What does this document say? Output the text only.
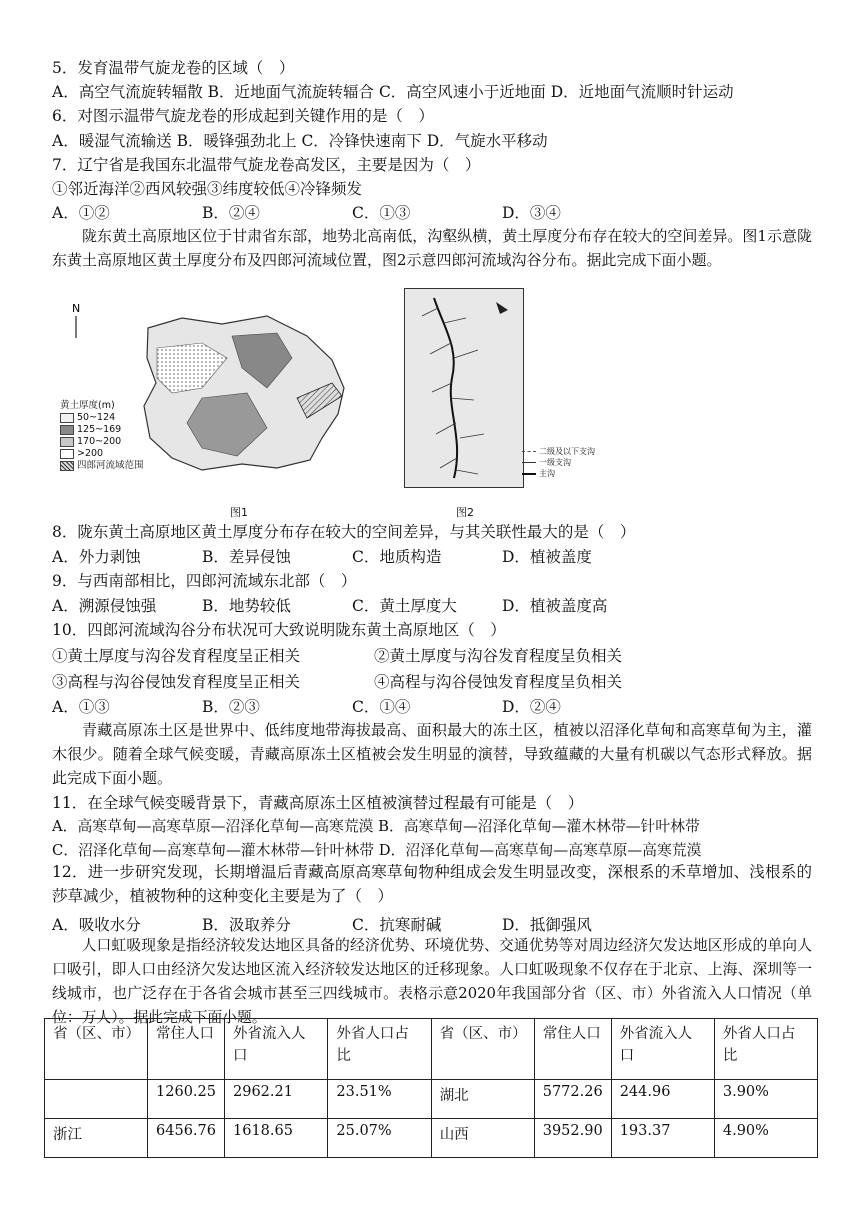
5．发育温带气旋龙卷的区域（　）
A．高空气流旋转辐散 B．近地面气流旋转辐合 C．高空风速小于近地面 D．近地面气流顺时针运动
6．对图示温带气旋龙卷的形成起到关键作用的是（　）
A．暖湿气流输送 B．暖锋强劲北上 C．冷锋快速南下 D．气旋水平移动
7．辽宁省是我国东北温带气旋龙卷高发区，主要是因为（　）
①邻近海洋②西风较强③纬度较低④冷锋频发
A．①②	B．②④	C．①③	D．③④
陇东黄土高原地区位于甘肃省东部，地势北高南低，沟壑纵横，黄土厚度分布存在较大的空间差异。图1示意陇东黄土高原地区黄土厚度分布及四郎河流域位置，图2示意四郎河流域沟谷分布。据此完成下面小题。
N
黄土厚度(m)
50~124
125~169
170~200
>200
四郎河流域范围
图1
二级及以下支沟
一级支沟
主沟
图2
8．陇东黄土高原地区黄土厚度分布存在较大的空间差异，与其关联性最大的是（　）
A．外力剥蚀	B．差异侵蚀	C．地质构造	D．植被盖度
9．与西南部相比，四郎河流域东北部（　）
A．溯源侵蚀强	B．地势较低	C．黄土厚度大	D．植被盖度高
10．四郎河流域沟谷分布状况可大致说明陇东黄土高原地区（　）
①黄土厚度与沟谷发育程度呈正相关	②黄土厚度与沟谷发育程度呈负相关
③高程与沟谷侵蚀发育程度呈正相关	④高程与沟谷侵蚀发育程度呈负相关
A．①③	B．②③	C．①④	D．②④
青藏高原冻土区是世界中、低纬度地带海拔最高、面积最大的冻土区，植被以沼泽化草甸和高寒草甸为主，灌木很少。随着全球气候变暖，青藏高原冻土区植被会发生明显的演替，导致蕴藏的大量有机碳以气态形式释放。据此完成下面小题。
11．在全球气候变暖背景下，青藏高原冻土区植被演替过程最有可能是（　）
A．高寒草甸—高寒草原—沼泽化草甸—高寒荒漠 B．高寒草甸—沼泽化草甸—灌木林带—针叶林带
C．沼泽化草甸—高寒草甸—灌木林带—针叶林带 D．沼泽化草甸—高寒草甸—高寒草原—高寒荒漠
12．进一步研究发现，长期增温后青藏高原高寒草甸物种组成会发生明显改变，深根系的禾草增加、浅根系的莎草减少，植被物种的这种变化主要是为了（　）
A．吸收水分	B．汲取养分	C．抗寒耐碱	D．抵御强风
人口虹吸现象是指经济较发达地区具备的经济优势、环境优势、交通优势等对周边经济欠发达地区形成的单向人口吸引，即人口由经济欠发达地区流入经济较发达地区的迁移现象。人口虹吸现象不仅存在于北京、上海、深圳等一线城市，也广泛存在于各省会城市甚至三四线城市。表格示意2020年我国部分省（区、市）外省流入人口情况（单位：万人）。据此完成下面小题。
省（区、市）	常住人口	外省流入人口	外省人口占比	省（区、市）	常住人口	外省流入人口	外省人口占比
	1260.25	2962.21	23.51%	湖北	5772.26	244.96	3.90%
浙江	6456.76	1618.65	25.07%	山西	3952.90	193.37	4.90%
